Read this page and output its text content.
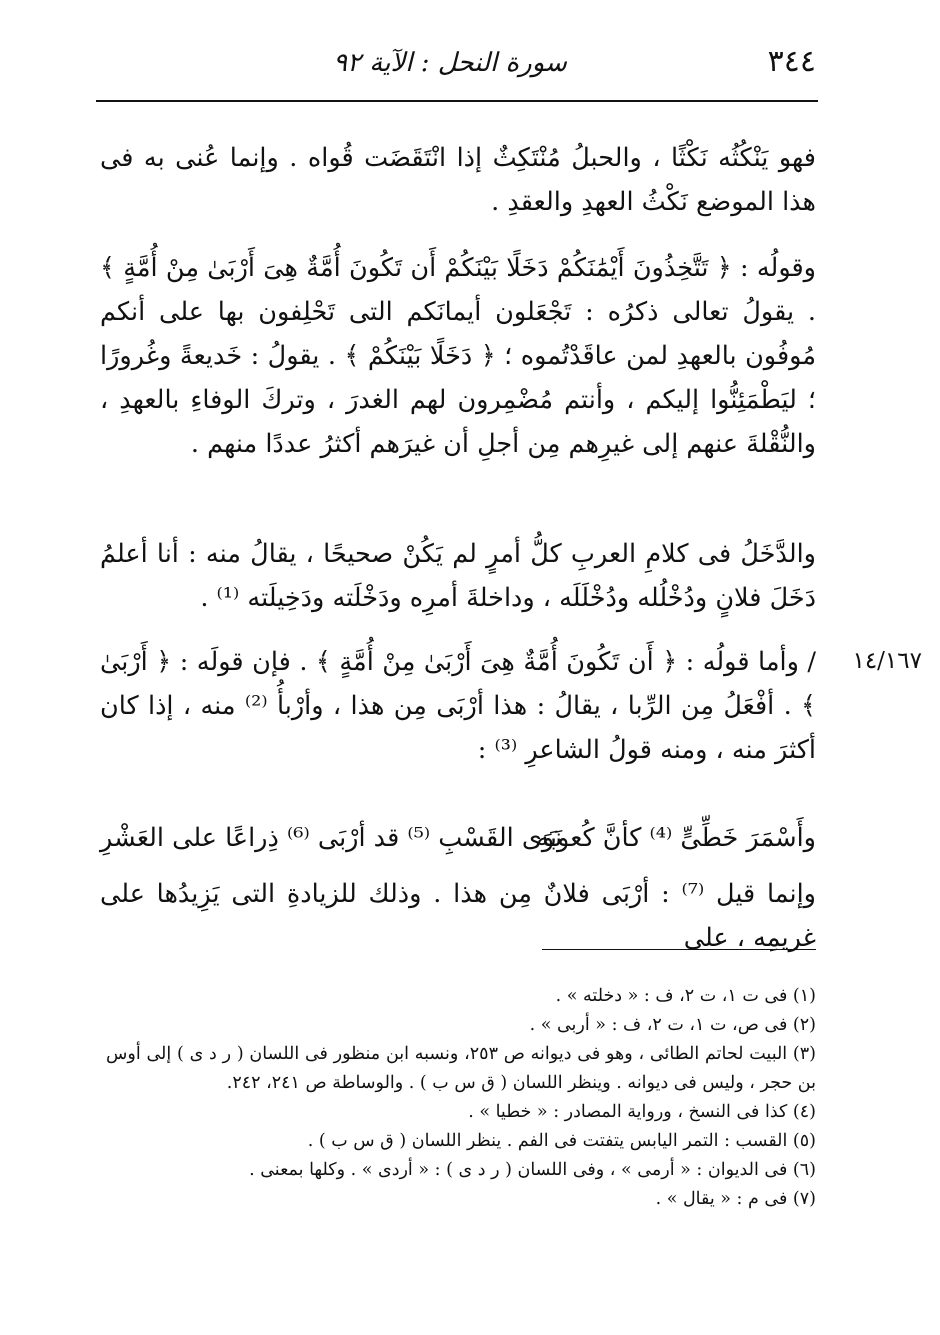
٣٤٤
سورة النحل : الآية ٩٢
فهو يَنْكُثُه نَكْثًا ، والحبلُ مُنْتَكِثٌ إذا انْتَقَضَت قُواه . وإنما عُنى به فى هذا الموضع نَكْثُ العهدِ والعقدِ .
وقولُه : ﴿ تَتَّخِذُونَ أَيْمَٰنَكُمْ دَخَلًا بَيْنَكُمْ أَن تَكُونَ أُمَّةٌ هِىَ أَرْبَىٰ مِنْ أُمَّةٍ ﴾ . يقولُ تعالى ذكرُه : تَجْعَلون أيمانَكم التى تَحْلِفون بها على أنكم مُوفُون بالعهدِ لمن عاقَدْتُموه ؛ ﴿ دَخَلًا بَيْنَكُمْ ﴾ . يقولُ : خَديعةً وغُرورًا ؛ ليَطْمَئِنُّوا إليكم ، وأنتم مُضْمِرون لهم الغدرَ ، وتركَ الوفاءِ بالعهدِ ، والنُّقْلةَ عنهم إلى غيرِهم مِن أجلِ أن غيرَهم أكثرُ عددًا منهم .
والدَّخَلُ فى كلامِ العربِ كلُّ أمرٍ لم يَكُنْ صحيحًا ، يقالُ منه : أنا أعلمُ دَخَلَ فلانٍ ودُخْلُله ودُخْلَلَه ، وداخلةَ أمرِه ودَخْلَته ودَخِيلَته ⁽¹⁾ .
١٤/١٦٧
/ وأما قولُه : ﴿ أَن تَكُونَ أُمَّةٌ هِىَ أَرْبَىٰ مِنْ أُمَّةٍ ﴾ . فإن قولَه : ﴿ أَرْبَىٰ ﴾ . أفْعَلُ مِن الرِّبا ، يقالُ : هذا أرْبَى مِن هذا ، وأرْبأُ ⁽²⁾ منه ، إذا كان أكثرَ منه ، ومنه قولُ الشاعرِ ⁽³⁾ :
وأَسْمَرَ خَطِّىٍّ ⁽⁴⁾ كأنَّ كُعوبَه
نَوَى القَسْبِ ⁽⁵⁾ قد أرْبَى ⁽⁶⁾ ذِراعًا على العَشْرِ
وإنما قيل ⁽⁷⁾ : أرْبَى فلانٌ مِن هذا . وذلك للزيادةِ التى يَزِيدُها على غريمِه ، على

(١) فى ت ١، ت ٢، ف : « دخلته » .

(٢) فى ص، ت ١، ت ٢، ف : « أربى » .

(٣) البيت لحاتم الطائى ، وهو فى ديوانه ص ٢٥٣، ونسبه ابن منظور فى اللسان ( ر د ى ) إلى أوس بن حجر ، وليس فى ديوانه . وينظر اللسان ( ق س ب ) . والوساطة ص ٢٤١، ٢٤٢.

(٤) كذا فى النسخ ، ورواية المصادر : « خطيا » .

(٥) القسب : التمر اليابس يتفتت فى الفم . ينظر اللسان ( ق س ب ) .

(٦) فى الديوان : « أرمى » ، وفى اللسان ( ر د ى ) : « أردى » . وكلها بمعنى .

(٧) فى م : « يقال » .
